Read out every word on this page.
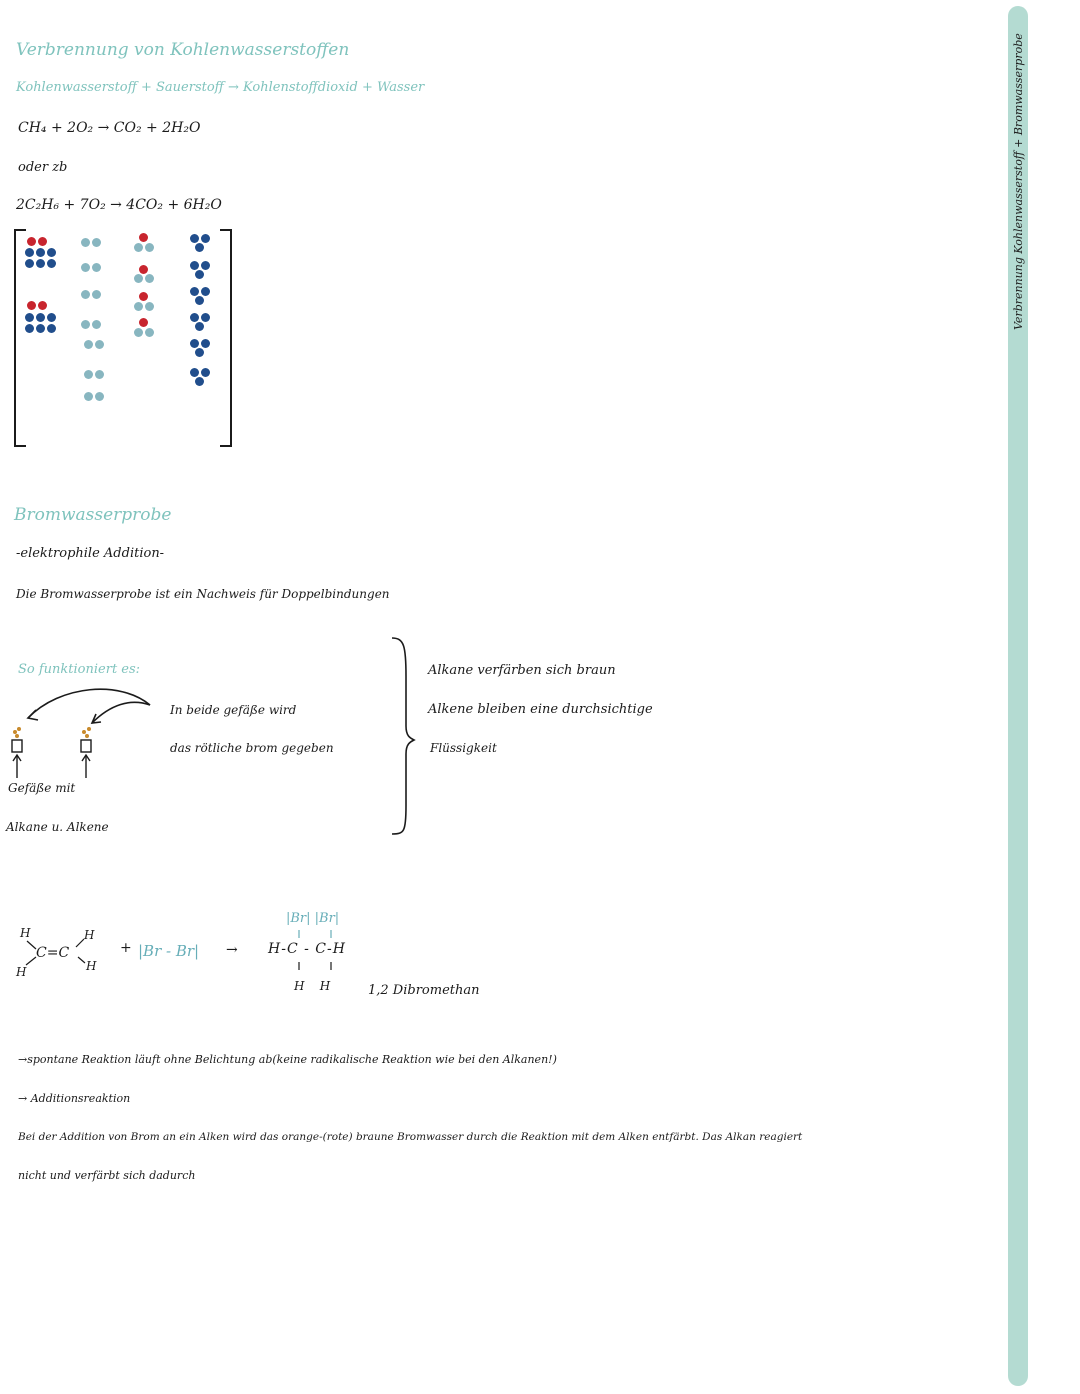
Verbrennung Kohlenwasserstoff + Bromwasserprobe
Verbrennung von Kohlenwasserstoffen
Kohlenwasserstoff + Sauerstoff → Kohlenstoffdioxid + Wasser
CH₄ + 2O₂ → CO₂ + 2H₂O
oder zb
2C₂H₆ + 7O₂ → 4CO₂ + 6H₂O
Bromwasserprobe
-elektrophile Addition-
Die Bromwasserprobe ist ein Nachweis für Doppelbindungen
So funktioniert es:
Gefäße mit
Alkane u. Alkene
In beide gefäße wird
das rötliche brom gegeben
Alkane verfärben sich braun
Alkene bleiben eine durchsichtige
Flüssigkeit
H	H
C=C
H	H
+ |Br - Br| →
|Br| |Br|
H-C - C-H
H    H	1,2 Dibromethan
→spontane Reaktion läuft ohne Belichtung ab(keine radikalische Reaktion wie bei den Alkanen!)
→ Additionsreaktion
Bei der Addition von Brom an ein Alken wird das orange-(rote) braune Bromwasser durch die Reaktion mit dem Alken entfärbt. Das Alkan reagiert
nicht und verfärbt sich dadurch
